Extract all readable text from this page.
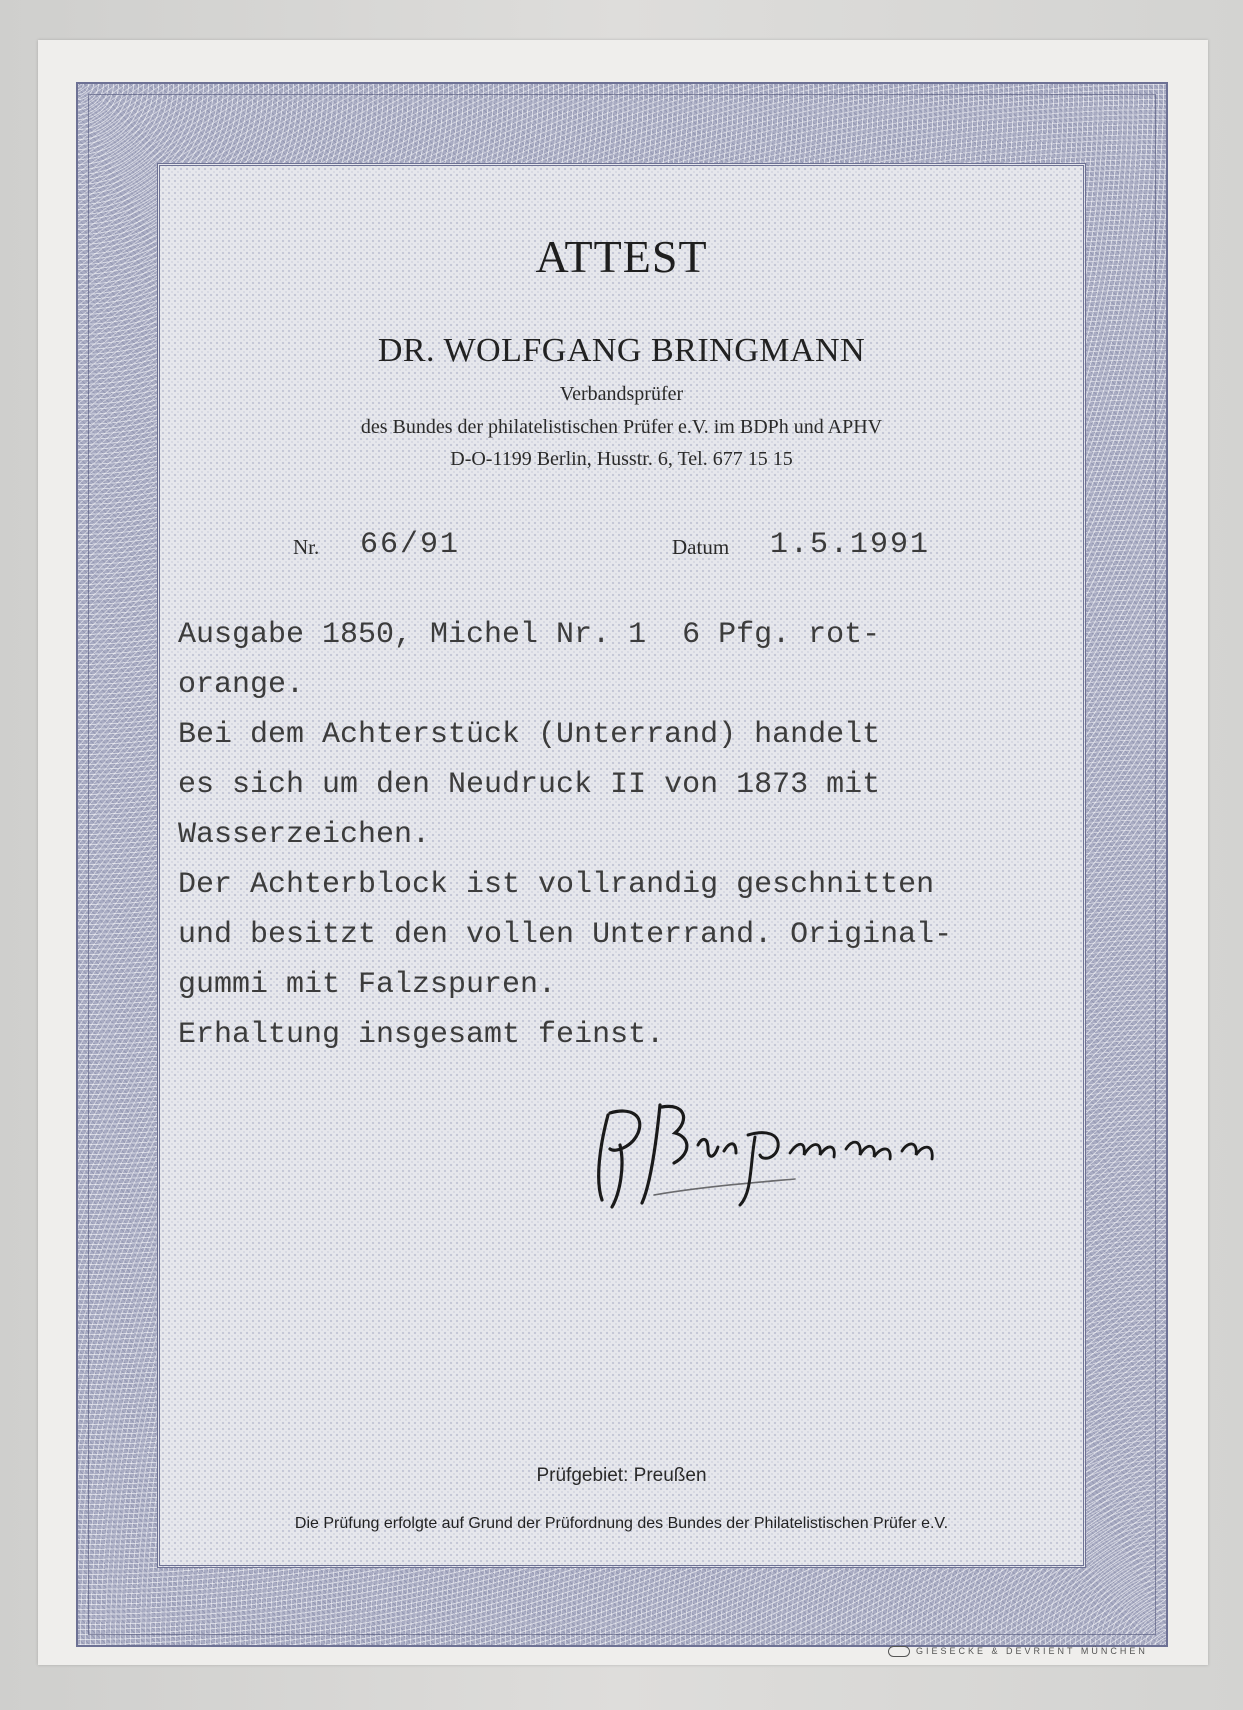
ATTEST
DR. WOLFGANG BRINGMANN
Verbandsprüfer
des Bundes der philatelistischen Prüfer e.V. im BDPh und APHV
D-O-1199 Berlin, Husstr. 6, Tel. 677 15 15
Nr. 66/91	Datum 1.5.1991
Ausgabe 1850, Michel Nr. 1  6 Pfg. rot-
orange.
Bei dem Achterstück (Unterrand) handelt
es sich um den Neudruck II von 1873 mit
Wasserzeichen.
Der Achterblock ist vollrandig geschnitten
und besitzt den vollen Unterrand. Original-
gummi mit Falzspuren.
Erhaltung insgesamt feinst.
Prüfgebiet: Preußen
Die Prüfung erfolgte auf Grund der Prüfordnung des Bundes der Philatelistischen Prüfer e.V.
GIESECKE & DEVRIENT MÜNCHEN
